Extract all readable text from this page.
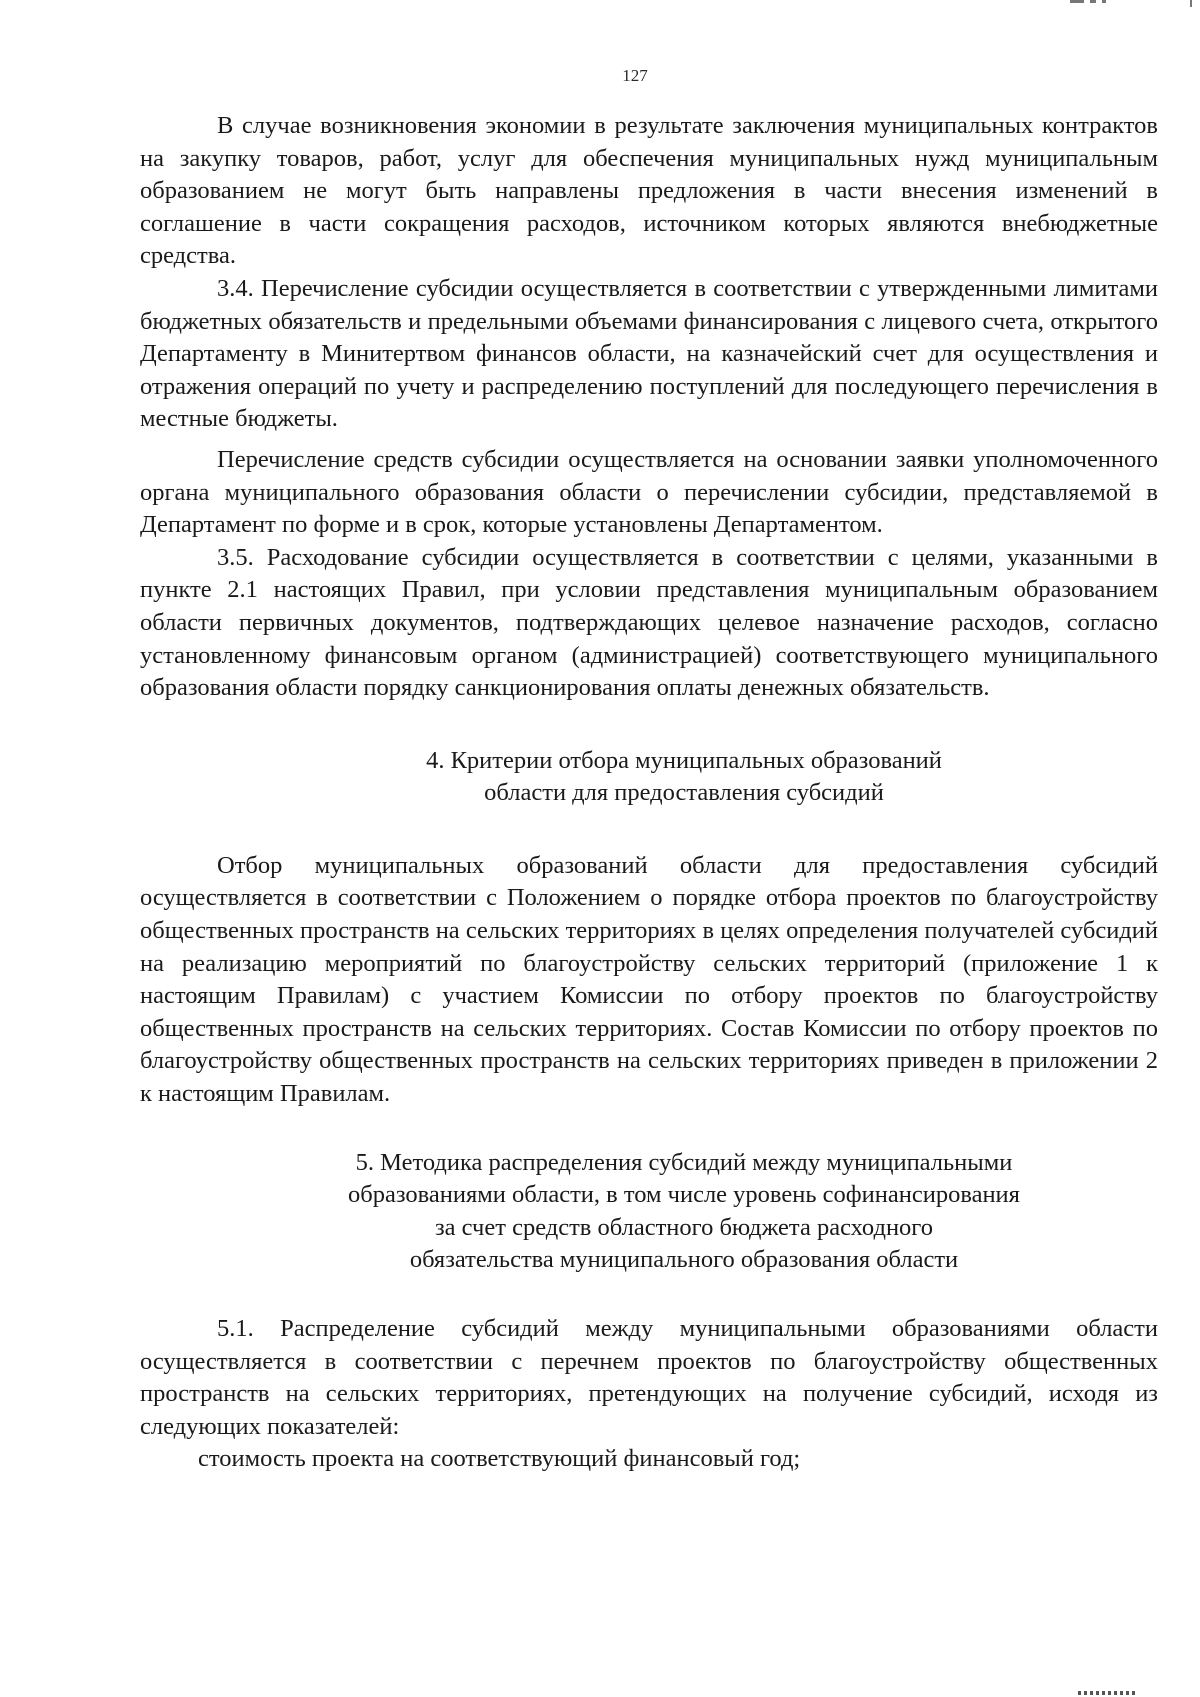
127

В случае возникновения экономии в результате заключения муниципальных контрактов на закупку товаров, работ, услуг для обеспечения муниципальных нужд муниципальным образованием не могут быть направлены предложения в части внесения изменений в соглашение в части сокращения расходов, источником которых являются внебюджетные средства.

3.4. Перечисление субсидии осуществляется в соответствии с утвержденными лимитами бюджетных обязательств и предельными объемами финансирования с лицевого счета, открытого Департаменту в Минитертвом финансов области, на казначейский счет для осуществления и отражения операций по учету и распределению поступлений для последующего перечисления в местные бюджеты.

Перечисление средств субсидии осуществляется на основании заявки уполномоченного органа муниципального образования области о перечислении субсидии, представляемой в Департамент по форме и в срок, которые установлены Департаментом.

3.5. Расходование субсидии осуществляется в соответствии с целями, указанными в пункте 2.1 настоящих Правил, при условии представления муниципальным образованием области первичных документов, подтверждающих целевое назначение расходов, согласно установленному финансовым органом (администрацией) соответствующего муниципального образования области порядку санкционирования оплаты денежных обязательств.

4. Критерии отбора муниципальных образований
области для предоставления субсидий

Отбор муниципальных образований области для предоставления субсидий осуществляется в соответствии с Положением о порядке отбора проектов по благоустройству общественных пространств на сельских территориях в целях определения получателей субсидий на реализацию мероприятий по благоустройству сельских территорий (приложение 1 к настоящим Правилам) с участием Комиссии по отбору проектов по благоустройству общественных пространств на сельских территориях. Состав Комиссии по отбору проектов по благоустройству общественных пространств на сельских территориях приведен в приложении 2 к настоящим Правилам.

5. Методика распределения субсидий между муниципальными
образованиями области, в том числе уровень софинансирования
за счет средств областного бюджета расходного
обязательства муниципального образования области

5.1. Распределение субсидий между муниципальными образованиями области осуществляется в соответствии с перечнем проектов по благоустройству общественных пространств на сельских территориях, претендующих на получение субсидий, исходя из следующих показателей:

стоимость проекта на соответствующий финансовый год;
